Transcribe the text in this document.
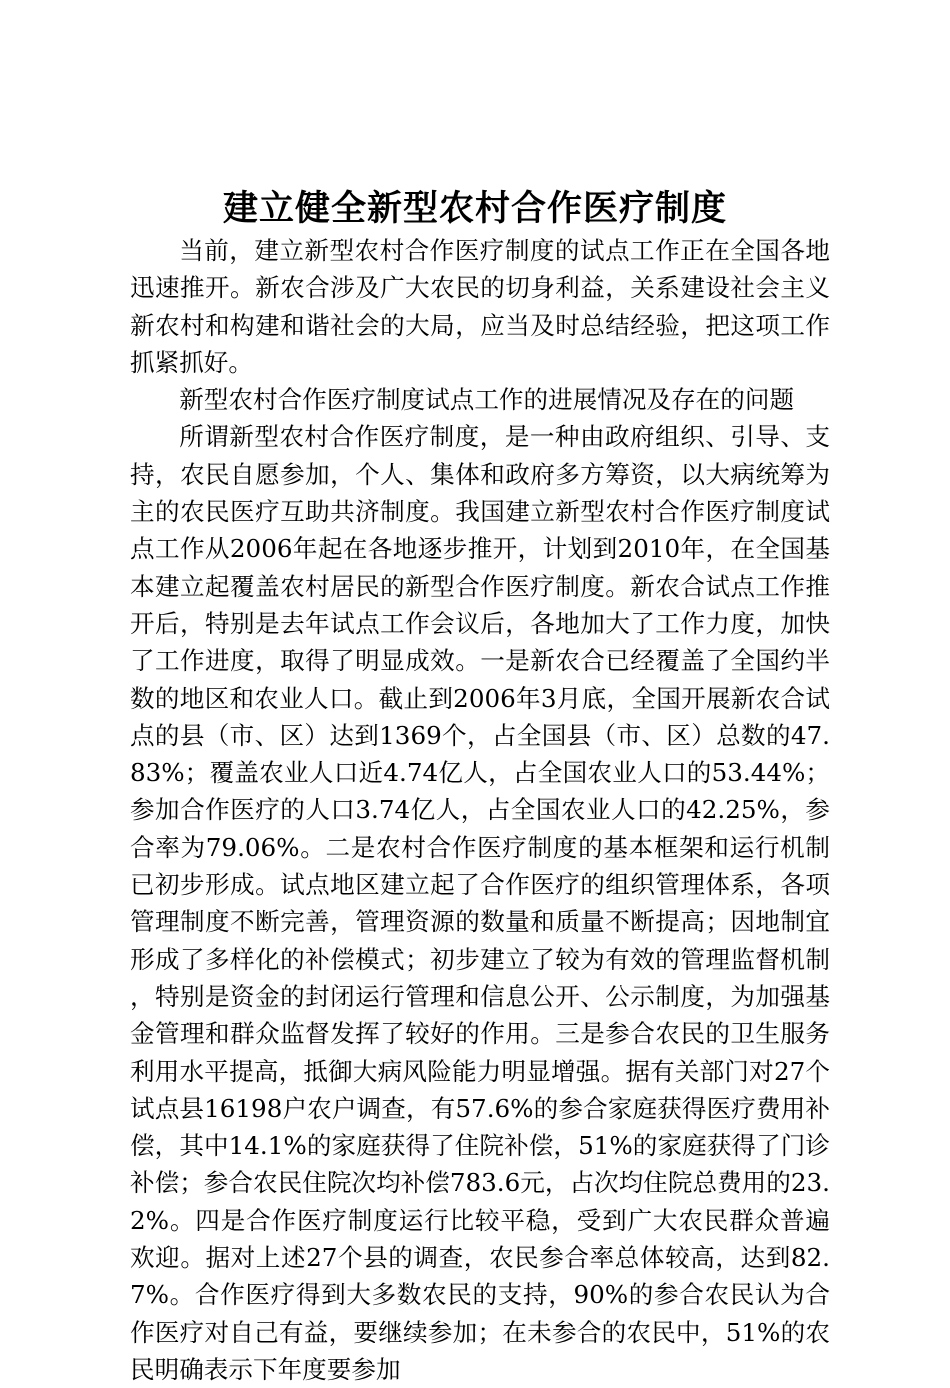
建立健全新型农村合作医疗制度

当前，建立新型农村合作医疗制度的试点工作正在全国各地迅速推开。新农合涉及广大农民的切身利益，关系建设社会主义新农村和构建和谐社会的大局，应当及时总结经验，把这项工作抓紧抓好。

新型农村合作医疗制度试点工作的进展情况及存在的问题

所谓新型农村合作医疗制度，是一种由政府组织、引导、支持，农民自愿参加，个人、集体和政府多方筹资，以大病统筹为主的农民医疗互助共济制度。我国建立新型农村合作医疗制度试点工作从2006年起在各地逐步推开，计划到2010年，在全国基本建立起覆盖农村居民的新型合作医疗制度。新农合试点工作推开后，特别是去年试点工作会议后，各地加大了工作力度，加快了工作进度，取得了明显成效。一是新农合已经覆盖了全国约半数的地区和农业人口。截止到2006年3月底，全国开展新农合试点的县（市、区）达到1369个，占全国县（市、区）总数的47.83%；覆盖农业人口近4.74亿人，占全国农业人口的53.44%；参加合作医疗的人口3.74亿人，占全国农业人口的42.25%，参合率为79.06%。二是农村合作医疗制度的基本框架和运行机制已初步形成。试点地区建立起了合作医疗的组织管理体系，各项管理制度不断完善，管理资源的数量和质量不断提高；因地制宜形成了多样化的补偿模式；初步建立了较为有效的管理监督机制，特别是资金的封闭运行管理和信息公开、公示制度，为加强基金管理和群众监督发挥了较好的作用。三是参合农民的卫生服务利用水平提高，抵御大病风险能力明显增强。据有关部门对27个试点县16198户农户调查，有57.6%的参合家庭获得医疗费用补偿，其中14.1%的家庭获得了住院补偿，51%的家庭获得了门诊补偿；参合农民住院次均补偿783.6元，占次均住院总费用的23.2%。四是合作医疗制度运行比较平稳，受到广大农民群众普遍欢迎。据对上述27个县的调查，农民参合率总体较高，达到82.7%。合作医疗得到大多数农民的支持，90%的参合农民认为合作医疗对自己有益，要继续参加；在未参合的农民中，51%的农民明确表示下年度要参加
